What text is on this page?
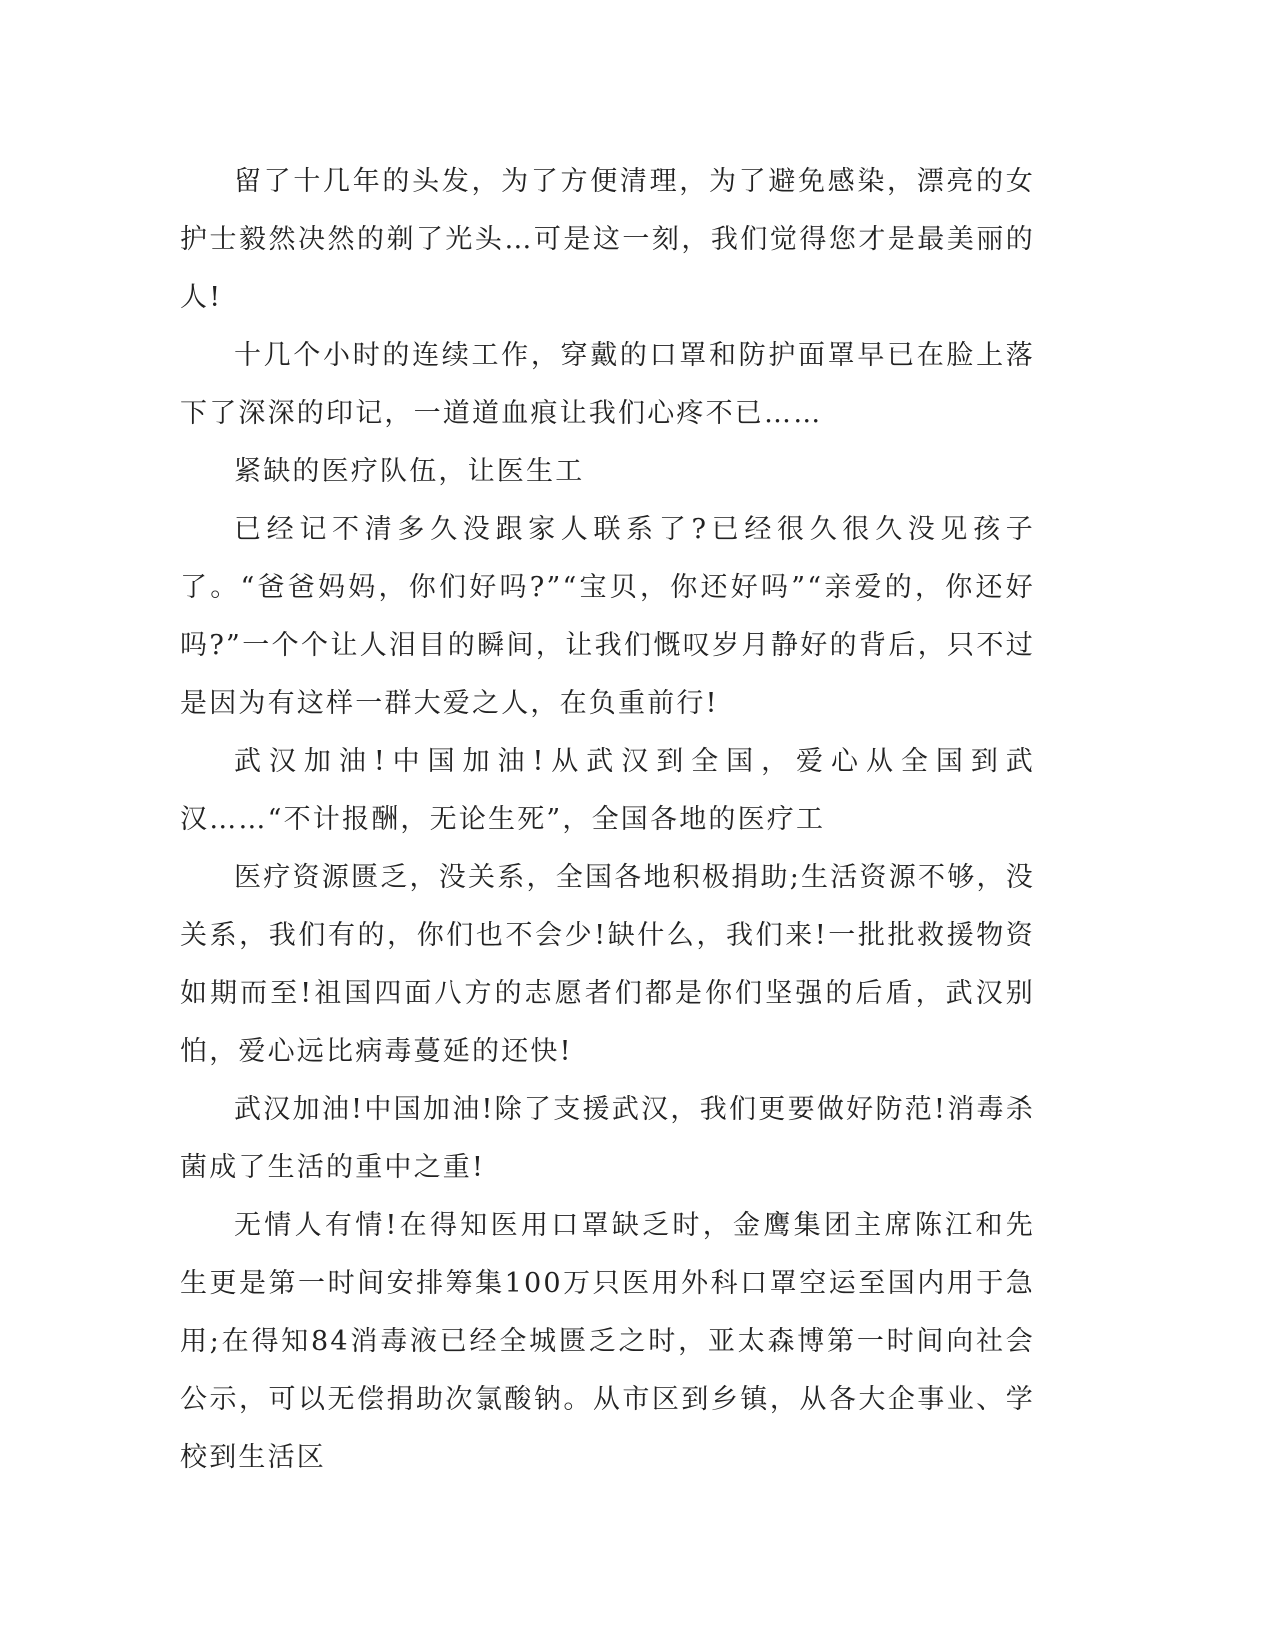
留了十几年的头发，为了方便清理，为了避免感染，漂亮的女护士毅然决然的剃了光头…可是这一刻，我们觉得您才是最美丽的人!

十几个小时的连续工作，穿戴的口罩和防护面罩早已在脸上落下了深深的印记，一道道血痕让我们心疼不已……

紧缺的医疗队伍，让医生工

已经记不清多久没跟家人联系了?已经很久很久没见孩子了。“爸爸妈妈，你们好吗?”“宝贝，你还好吗”“亲爱的，你还好吗?”一个个让人泪目的瞬间，让我们慨叹岁月静好的背后，只不过是因为有这样一群大爱之人，在负重前行!

武汉加油!中国加油!从武汉到全国，爱心从全国到武汉……“不计报酬，无论生死”，全国各地的医疗工

医疗资源匮乏，没关系，全国各地积极捐助;生活资源不够，没关系，我们有的，你们也不会少!缺什么，我们来!一批批救援物资如期而至!祖国四面八方的志愿者们都是你们坚强的后盾，武汉别怕，爱心远比病毒蔓延的还快!

武汉加油!中国加油!除了支援武汉，我们更要做好防范!消毒杀菌成了生活的重中之重!

无情人有情!在得知医用口罩缺乏时，金鹰集团主席陈江和先生更是第一时间安排筹集100万只医用外科口罩空运至国内用于急用;在得知84消毒液已经全城匮乏之时，亚太森博第一时间向社会公示，可以无偿捐助次氯酸钠。从市区到乡镇，从各大企事业、学校到生活区
